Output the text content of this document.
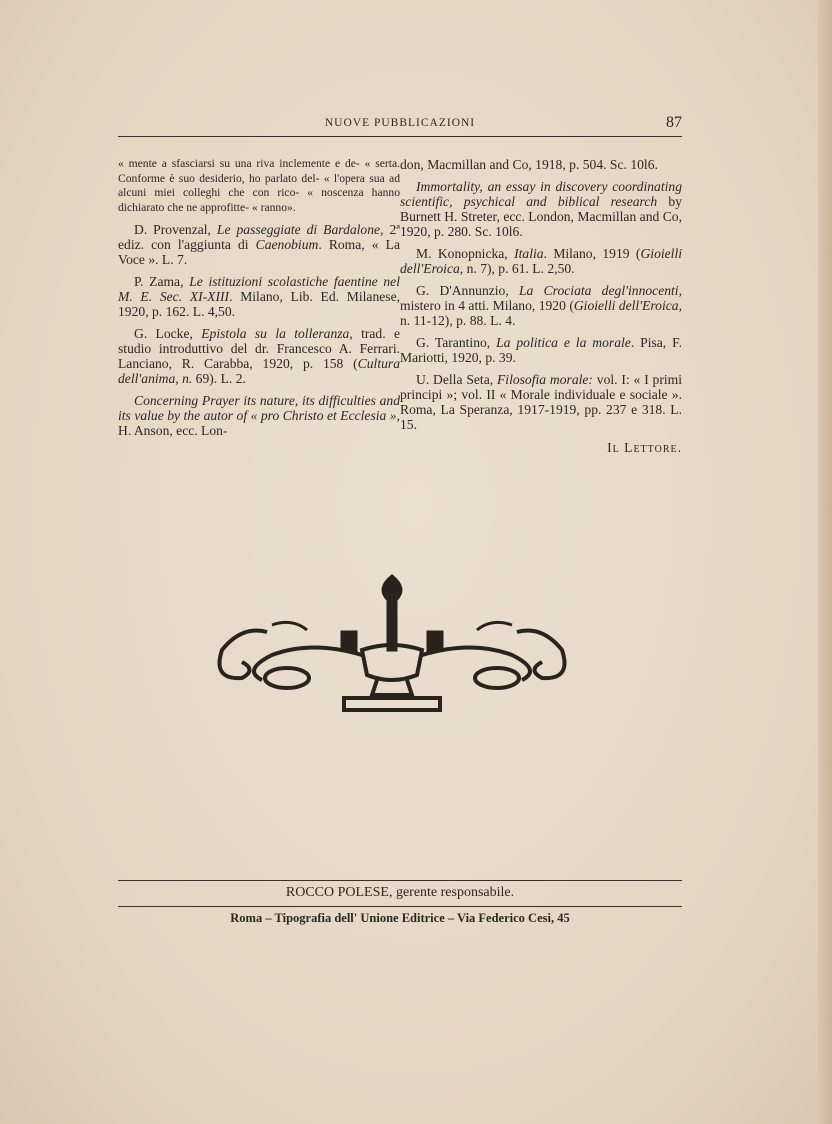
NUOVE PUBBLICAZIONI	87

« mente a sfasciarsi su una riva inclemente e de- « serta. Conforme è suo desiderio, ho parlato del- « l'opera sua ad alcuni miei colleghi che con rico- « noscenza hanno dichiarato che ne approfitte- « ranno».

D. Provenzal, Le passeggiate di Bardalone, 2ª ediz. con l'aggiunta di Caenobium. Roma, « La Voce ». L. 7.

P. Zama, Le istituzioni scolastiche faentine nel M. E. Sec. XI-XIII. Milano, Lib. Ed. Milanese, 1920, p. 162. L. 4,50.

G. Locke, Epistola su la tolleranza, trad. e studio introduttivo del dr. Francesco A. Ferrari. Lanciano, R. Carabba, 1920, p. 158 (Cultura dell'anima, n. 69). L. 2.

Concerning Prayer its nature, its difficulties and its value by the autor of « pro Christo et Ecclesia », H. Anson, ecc. Lon-

don, Macmillan and Co, 1918, p. 504. Sc. 10l6.

Immortality, an essay in discovery coordinating scientific, psychical and biblical research by Burnett H. Streter, ecc. London, Macmillan and Co, 1920, p. 280. Sc. 10l6.

M. Konopnicka, Italia. Milano, 1919 (Gioielli dell'Eroica, n. 7), p. 61. L. 2,50.

G. D'Annunzio, La Crociata degl'innocenti, mistero in 4 atti. Milano, 1920 (Gioielli dell'Eroica, n. 11-12), p. 88. L. 4.

G. Tarantino, La politica e la morale. Pisa, F. Mariotti, 1920, p. 39.

U. Della Seta, Filosofia morale: vol. I: « I primi principi »; vol. II « Morale individuale e sociale ». Roma, La Speranza, 1917-1919, pp. 237 e 318. L. 15.

Il Lettore.

ROCCO POLESE, gerente responsabile.
Roma – Tipografia dell' Unione Editrice – Via Federico Cesi, 45
